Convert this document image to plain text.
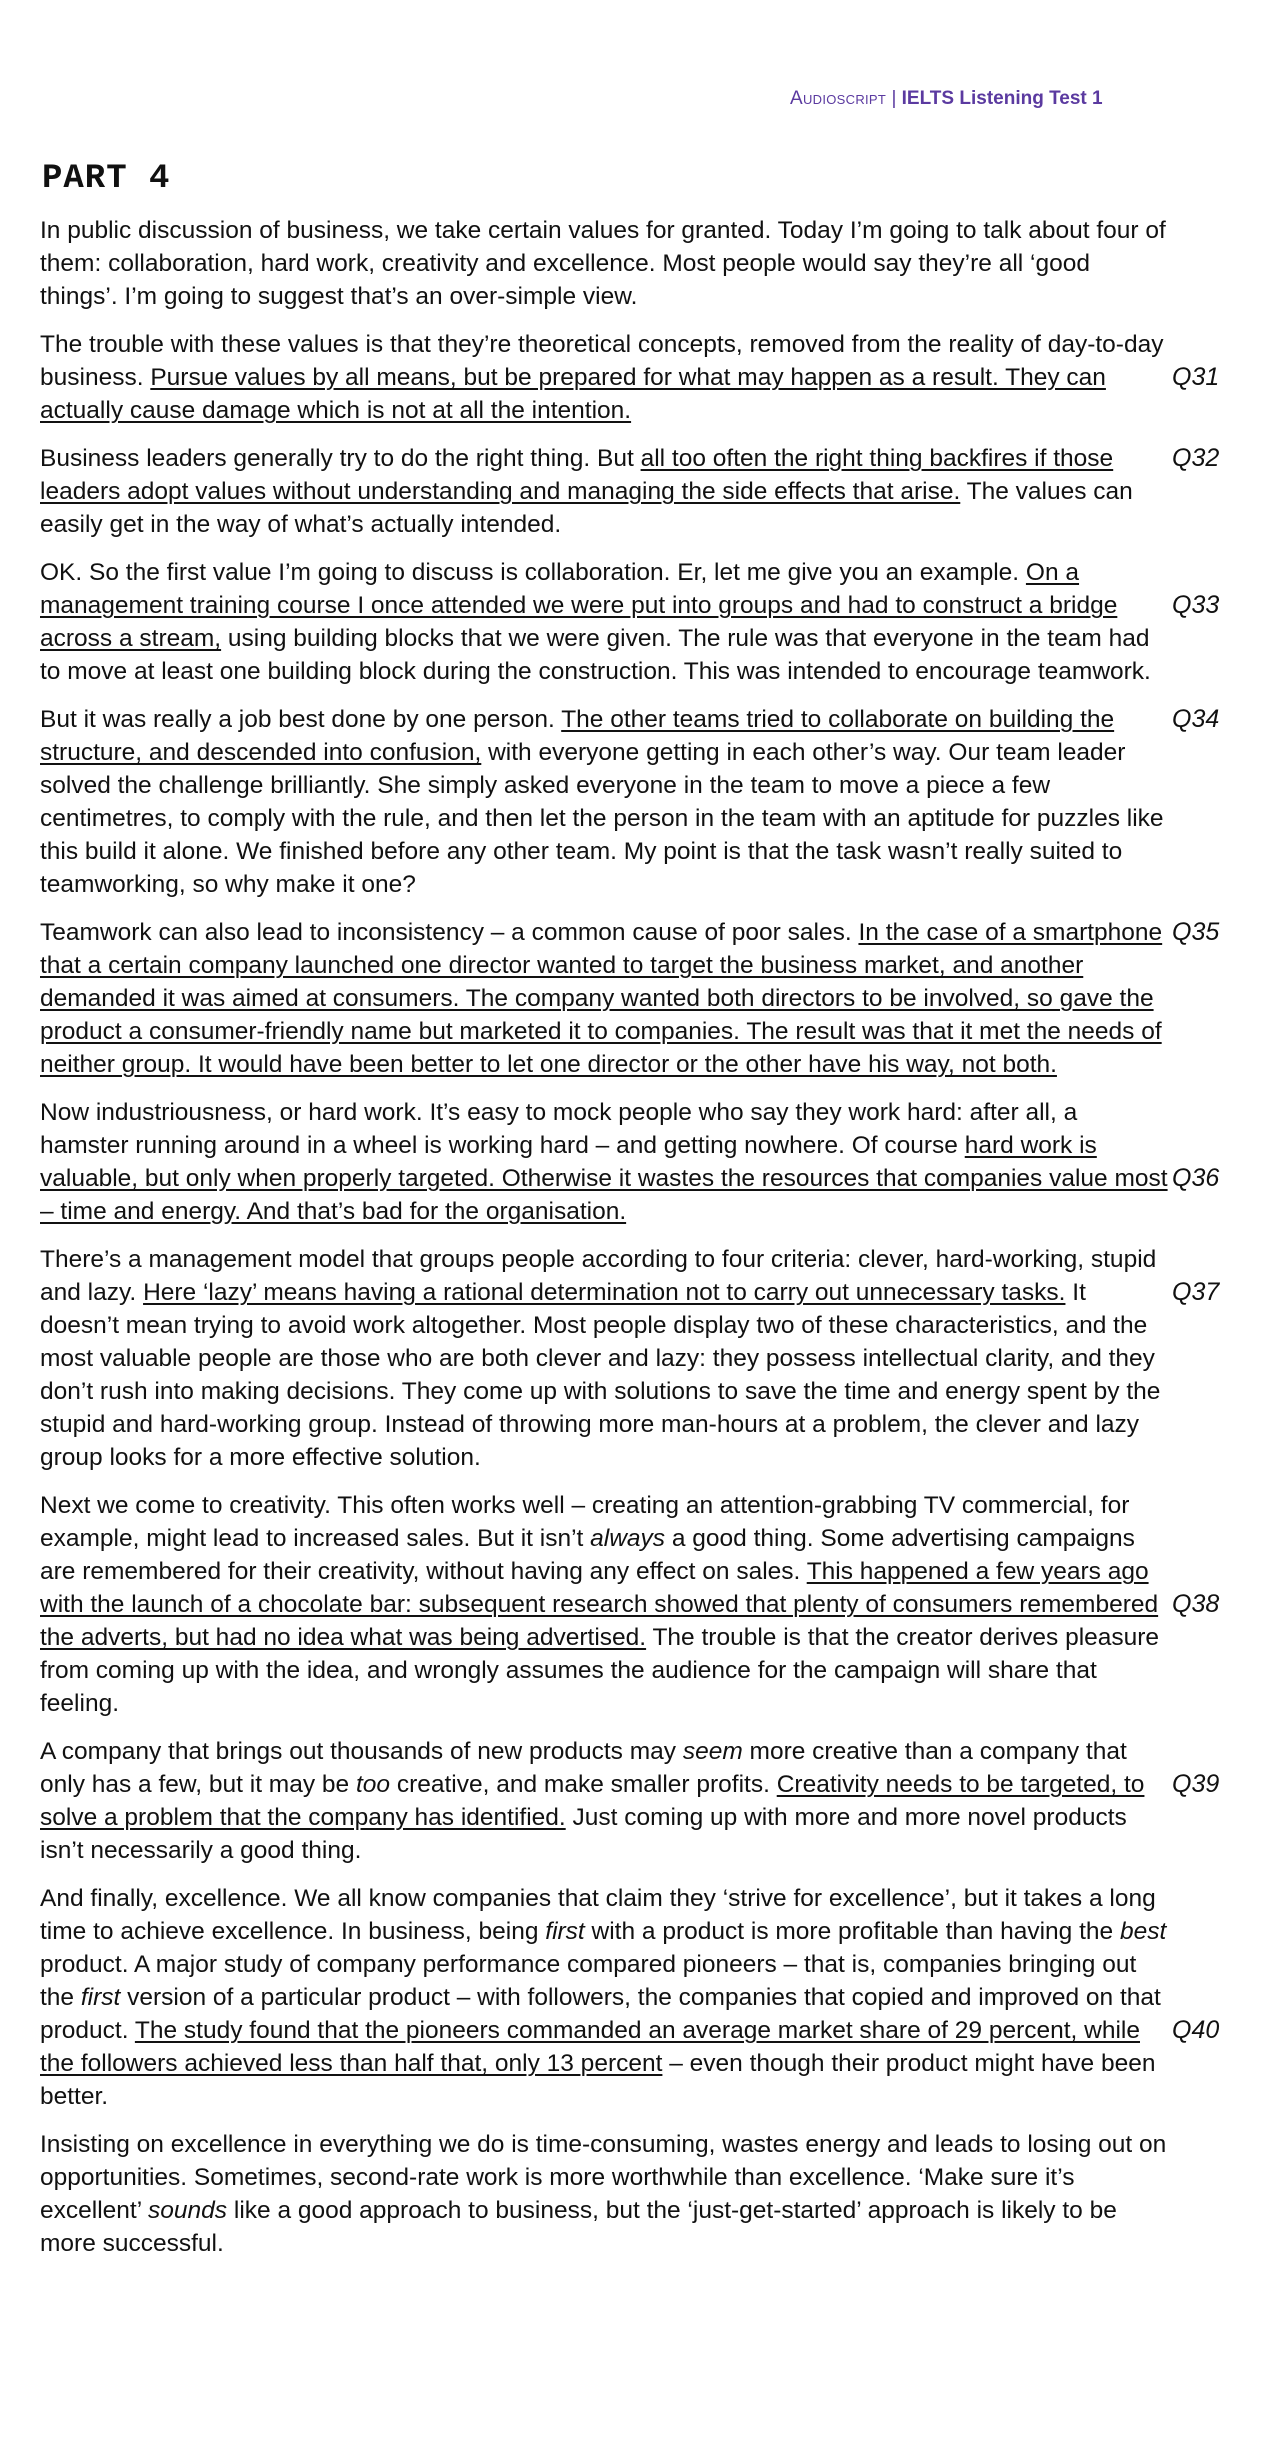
Audioscript | IELTS Listening Test 1
PART 4

In public discussion of business, we take certain values for granted. Today I’m going to talk about four of them: collaboration, hard work, creativity and excellence. Most people would say they’re all ‘good things’. I’m going to suggest that’s an over-simple view.

The trouble with these values is that they’re theoretical concepts, removed from the reality of day-to-day business. Pursue values by all means, but be prepared for what may happen as a result. They can actually cause damage which is not at all the intention.
Q31

Business leaders generally try to do the right thing. But all too often the right thing backfires if those leaders adopt values without understanding and managing the side effects that arise. The values can easily get in the way of what’s actually intended.
Q32

OK. So the first value I’m going to discuss is collaboration. Er, let me give you an example. On a management training course I once attended we were put into groups and had to construct a bridge across a stream, using building blocks that we were given. The rule was that everyone in the team had to move at least one building block during the construction. This was intended to encourage teamwork.
Q33

But it was really a job best done by one person. The other teams tried to collaborate on building the structure, and descended into confusion, with everyone getting in each other’s way. Our team leader solved the challenge brilliantly. She simply asked everyone in the team to move a piece a few centimetres, to comply with the rule, and then let the person in the team with an aptitude for puzzles like this build it alone. We finished before any other team. My point is that the task wasn’t really suited to teamworking, so why make it one?
Q34

Teamwork can also lead to inconsistency – a common cause of poor sales. In the case of a smartphone that a certain company launched one director wanted to target the business market, and another demanded it was aimed at consumers. The company wanted both directors to be involved, so gave the product a consumer-friendly name but marketed it to companies. The result was that it met the needs of neither group. It would have been better to let one director or the other have his way, not both.
Q35

Now industriousness, or hard work. It’s easy to mock people who say they work hard: after all, a hamster running around in a wheel is working hard – and getting nowhere. Of course hard work is valuable, but only when properly targeted. Otherwise it wastes the resources that companies value most – time and energy. And that’s bad for the organisation.
Q36

There’s a management model that groups people according to four criteria: clever, hard-working, stupid and lazy. Here ‘lazy’ means having a rational determination not to carry out unnecessary tasks. It doesn’t mean trying to avoid work altogether. Most people display two of these characteristics, and the most valuable people are those who are both clever and lazy: they possess intellectual clarity, and they don’t rush into making decisions. They come up with solutions to save the time and energy spent by the stupid and hard-working group. Instead of throwing more man-hours at a problem, the clever and lazy group looks for a more effective solution.
Q37

Next we come to creativity. This often works well – creating an attention-grabbing TV commercial, for example, might lead to increased sales. But it isn’t always a good thing. Some advertising campaigns are remembered for their creativity, without having any effect on sales. This happened a few years ago with the launch of a chocolate bar: subsequent research showed that plenty of consumers remembered the adverts, but had no idea what was being advertised. The trouble is that the creator derives pleasure from coming up with the idea, and wrongly assumes the audience for the campaign will share that feeling.
Q38

A company that brings out thousands of new products may seem more creative than a company that only has a few, but it may be too creative, and make smaller profits. Creativity needs to be targeted, to solve a problem that the company has identified. Just coming up with more and more novel products isn’t necessarily a good thing.
Q39

And finally, excellence. We all know companies that claim they ‘strive for excellence’, but it takes a long time to achieve excellence. In business, being first with a product is more profitable than having the best product. A major study of company performance compared pioneers – that is, companies bringing out the first version of a particular product – with followers, the companies that copied and improved on that product. The study found that the pioneers commanded an average market share of 29 percent, while the followers achieved less than half that, only 13 percent – even though their product might have been better.
Q40

Insisting on excellence in everything we do is time-consuming, wastes energy and leads to losing out on opportunities. Sometimes, second-rate work is more worthwhile than excellence. ‘Make sure it’s excellent’ sounds like a good approach to business, but the ‘just-get-started’ approach is likely to be more successful.
